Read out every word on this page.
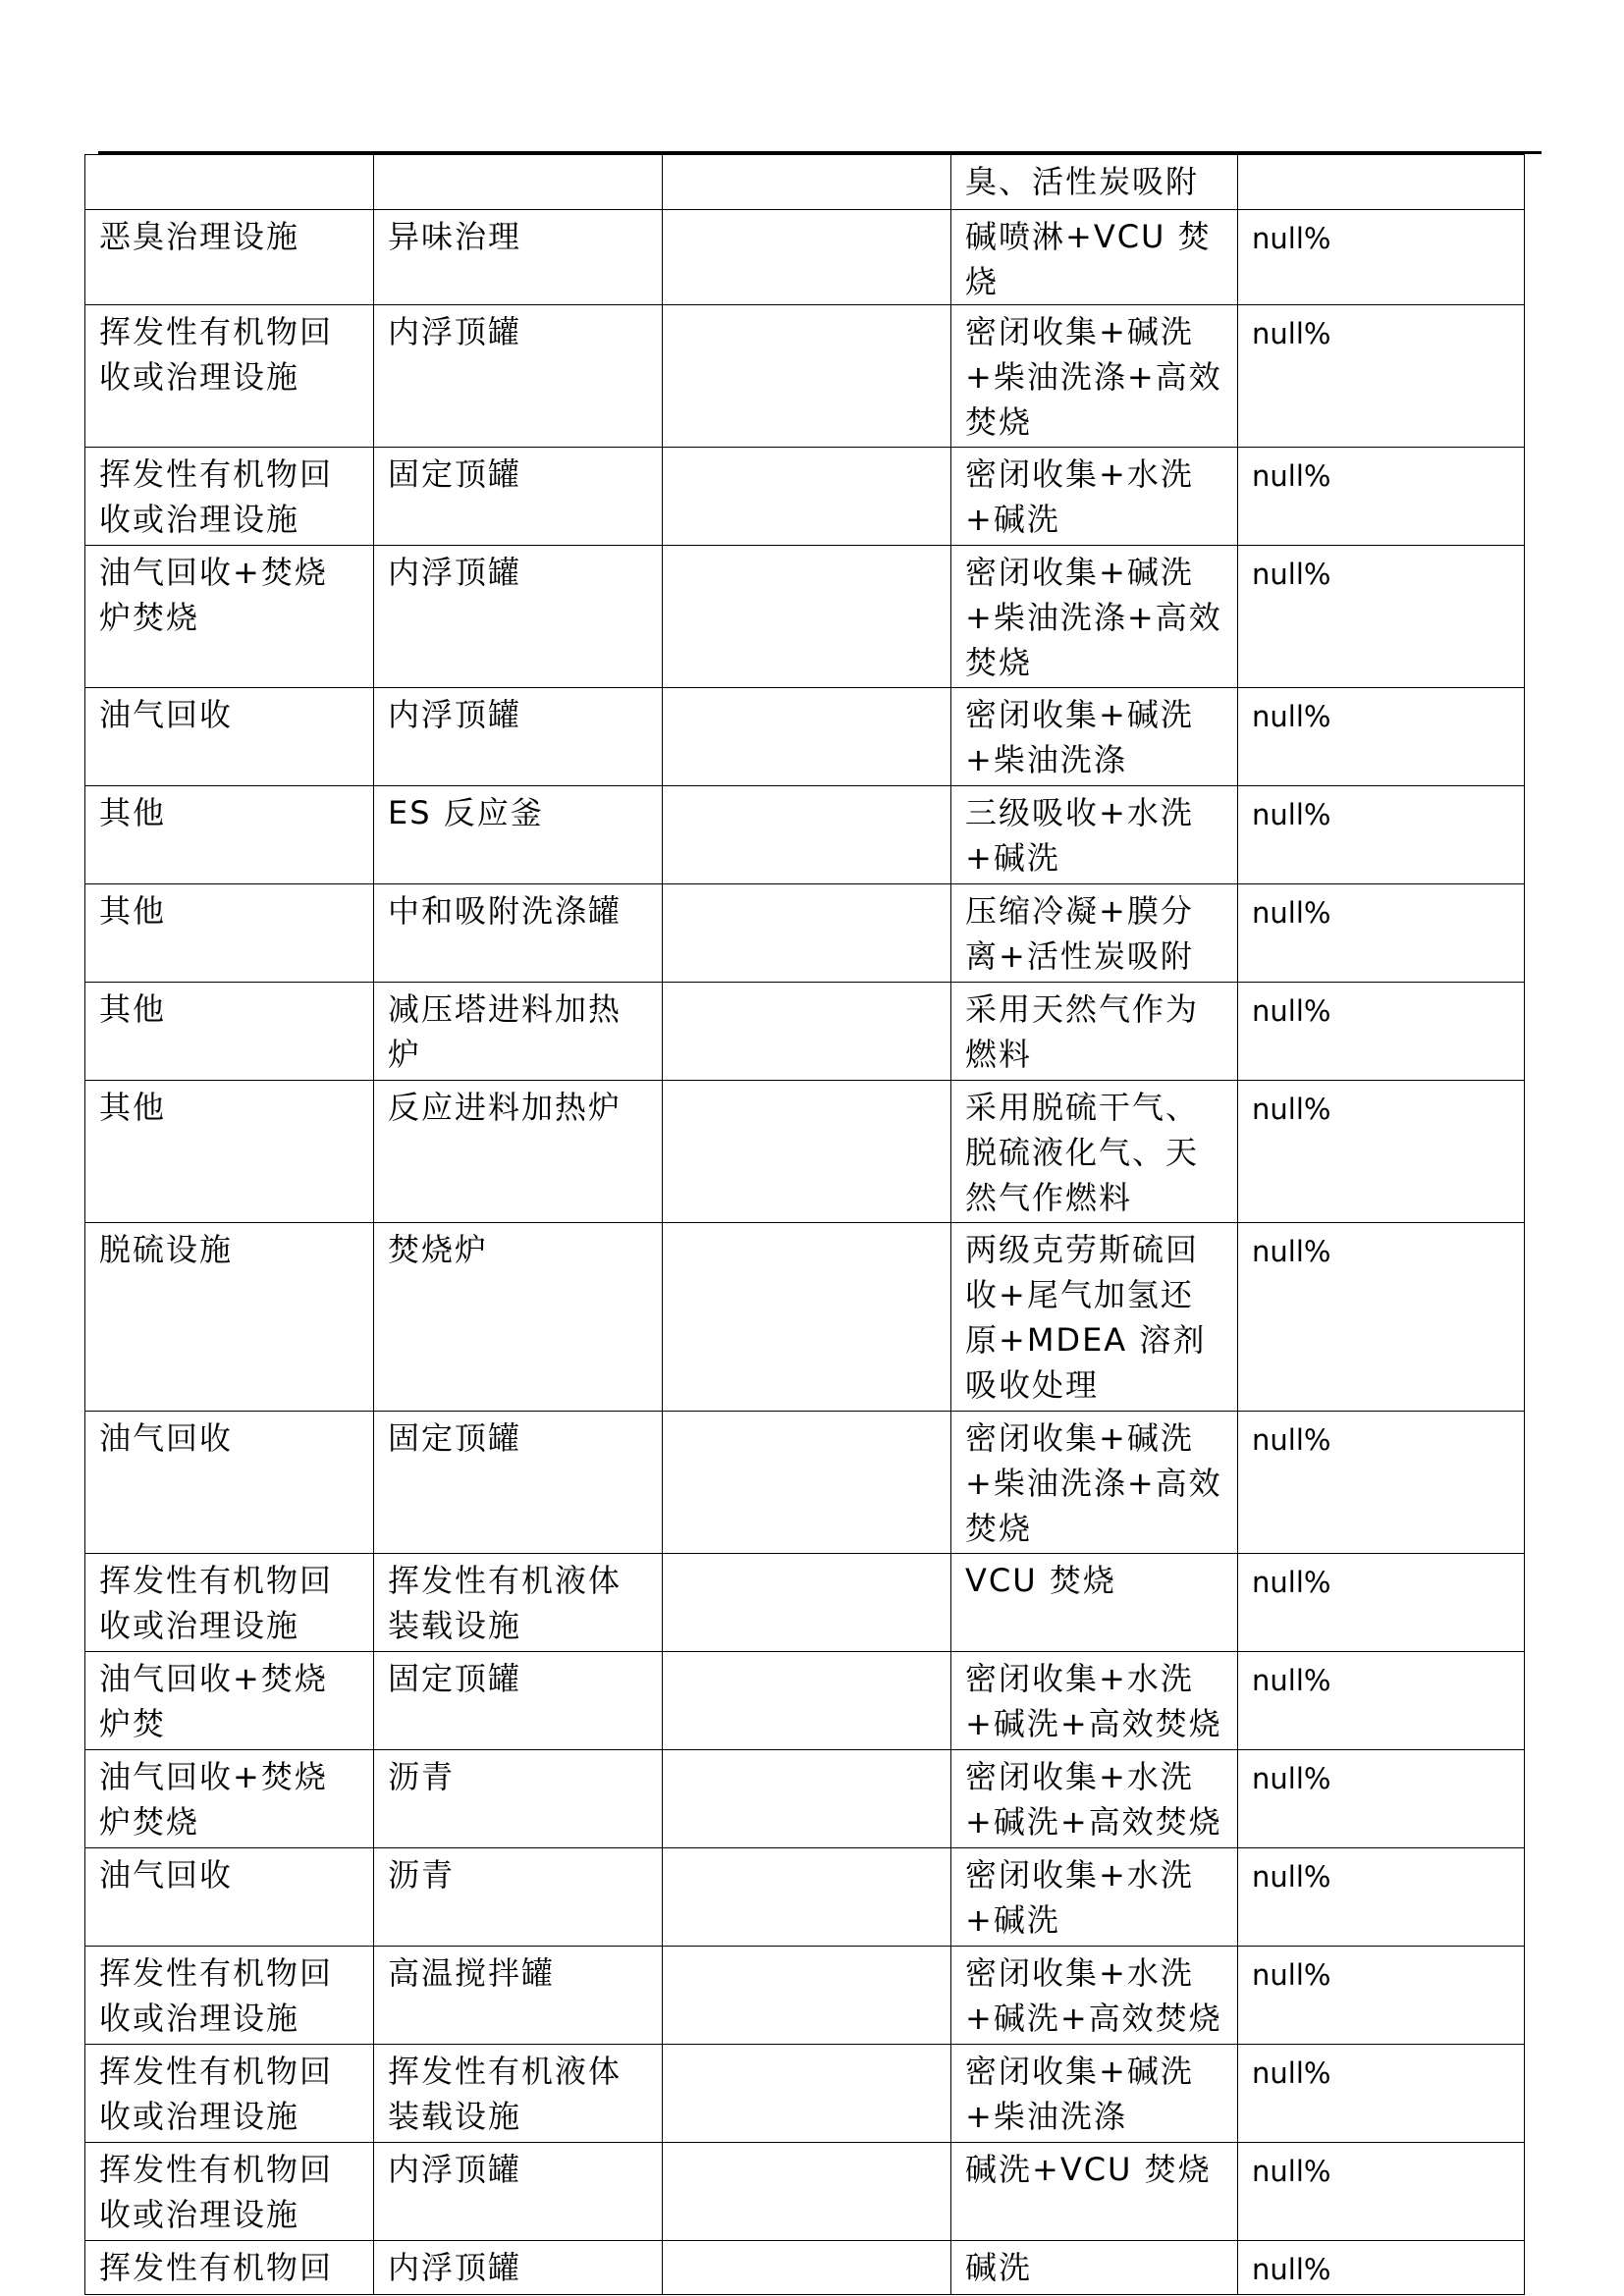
			臭、活性炭吸附	
恶臭治理设施	异味治理		碱喷淋+VCU 焚烧	null%
挥发性有机物回收或治理设施	内浮顶罐		密闭收集+碱洗+柴油洗涤+高效焚烧	null%
挥发性有机物回收或治理设施	固定顶罐		密闭收集+水洗+碱洗	null%
油气回收+焚烧炉焚烧	内浮顶罐		密闭收集+碱洗+柴油洗涤+高效焚烧	null%
油气回收	内浮顶罐		密闭收集+碱洗+柴油洗涤	null%
其他	ES 反应釜		三级吸收+水洗+碱洗	null%
其他	中和吸附洗涤罐		压缩冷凝+膜分离+活性炭吸附	null%
其他	减压塔进料加热炉		采用天然气作为燃料	null%
其他	反应进料加热炉		采用脱硫干气、脱硫液化气、天然气作燃料	null%
脱硫设施	焚烧炉		两级克劳斯硫回收+尾气加氢还原+MDEA 溶剂吸收处理	null%
油气回收	固定顶罐		密闭收集+碱洗+柴油洗涤+高效焚烧	null%
挥发性有机物回收或治理设施	挥发性有机液体装载设施		VCU 焚烧	null%
油气回收+焚烧炉焚	固定顶罐		密闭收集+水洗+碱洗+高效焚烧	null%
油气回收+焚烧炉焚烧	沥青		密闭收集+水洗+碱洗+高效焚烧	null%
油气回收	沥青		密闭收集+水洗+碱洗	null%
挥发性有机物回收或治理设施	高温搅拌罐		密闭收集+水洗+碱洗+高效焚烧	null%
挥发性有机物回收或治理设施	挥发性有机液体装载设施		密闭收集+碱洗+柴油洗涤	null%
挥发性有机物回收或治理设施	内浮顶罐		碱洗+VCU 焚烧	null%
挥发性有机物回	内浮顶罐		碱洗	null%
